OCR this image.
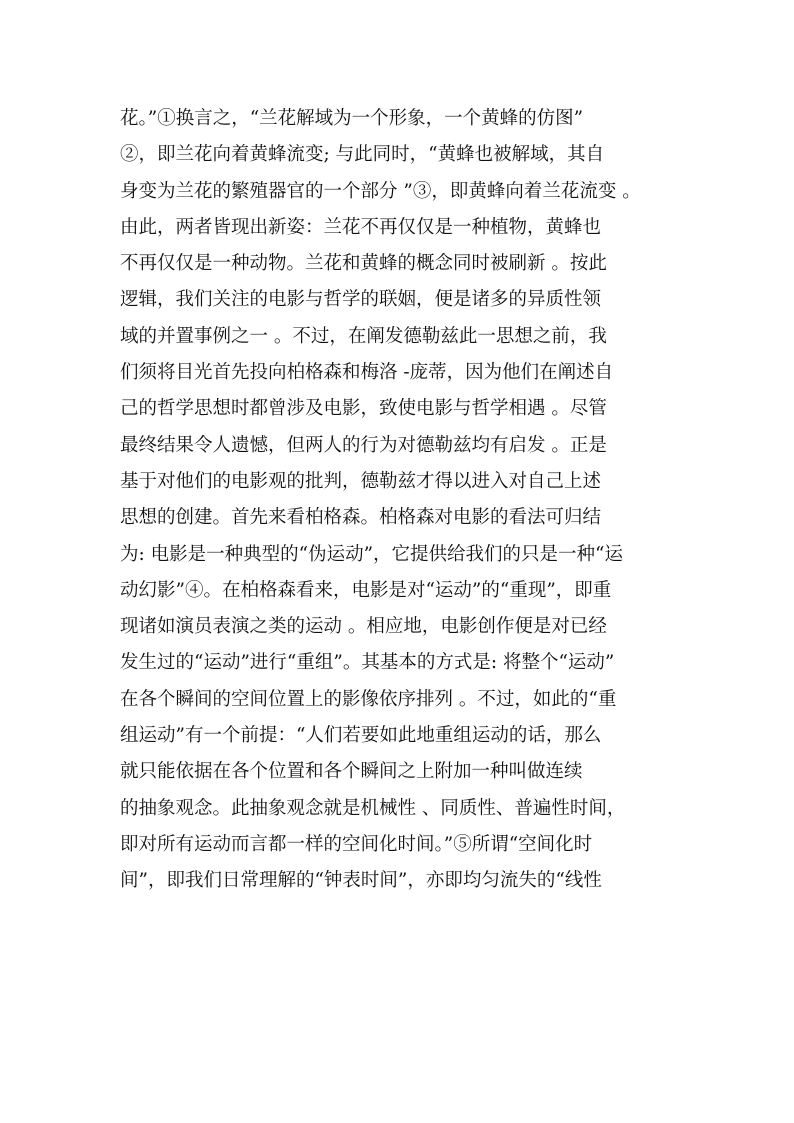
花。”①换言之，“兰花解域为一个形象，一个黄蜂的仿图”
②，即兰花向着黄蜂流变; 与此同时，“黄蜂也被解域，其自
身变为兰花的繁殖器官的一个部分 ”③，即黄蜂向着兰花流变 。
由此，两者皆现出新姿：兰花不再仅仅是一种植物，黄蜂也
不再仅仅是一种动物。兰花和黄蜂的概念同时被刷新 。按此
逻辑，我们关注的电影与哲学的联姻，便是诸多的异质性领
域的并置事例之一 。不过，在阐发德勒兹此一思想之前，我
们须将目光首先投向柏格森和梅洛 -庞蒂，因为他们在阐述自
己的哲学思想时都曾涉及电影，致使电影与哲学相遇 。尽管
最终结果令人遗憾，但两人的行为对德勒兹均有启发 。正是
基于对他们的电影观的批判，德勒兹才得以进入对自己上述
思想的创建。首先来看柏格森。柏格森对电影的看法可归结
为: 电影是一种典型的“伪运动”，它提供给我们的只是一种“运
动幻影”④。在柏格森看来，电影是对“运动”的“重现”，即重
现诸如演员表演之类的运动 。相应地，电影创作便是对已经
发生过的“运动”进行“重组”。其基本的方式是: 将整个“运动”
在各个瞬间的空间位置上的影像依序排列 。不过，如此的“重
组运动”有一个前提：“人们若要如此地重组运动的话，那么
就只能依据在各个位置和各个瞬间之上附加一种叫做连续
的抽象观念。此抽象观念就是机械性 、同质性、普遍性时间，
即对所有运动而言都一样的空间化时间。”⑤所谓“空间化时
间”，即我们日常理解的“钟表时间”，亦即均匀流失的“线性
